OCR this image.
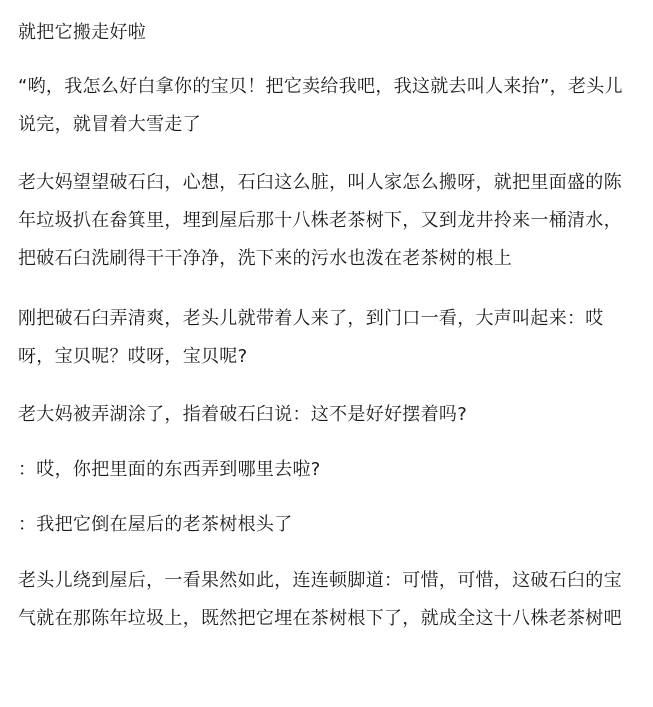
就把它搬走好啦

“哟，我怎么好白拿你的宝贝！把它卖给我吧，我这就去叫人来抬”，老头儿说完，就冒着大雪走了

老大妈望望破石臼，心想，石臼这么脏，叫人家怎么搬呀，就把里面盛的陈年垃圾扒在畚箕里，埋到屋后那十八株老茶树下，又到龙井拎来一桶清水，把破石臼洗刷得干干净净，洗下来的污水也泼在老茶树的根上

刚把破石臼弄清爽，老头儿就带着人来了，到门口一看，大声叫起来：哎呀，宝贝呢？哎呀，宝贝呢?

老大妈被弄湖涂了，指着破石臼说：这不是好好摆着吗?

：哎，你把里面的东西弄到哪里去啦?

：我把它倒在屋后的老茶树根头了

老头儿绕到屋后，一看果然如此，连连顿脚道：可惜，可惜，这破石臼的宝气就在那陈年垃圾上，既然把它埋在茶树根下了，就成全这十八株老茶树吧
